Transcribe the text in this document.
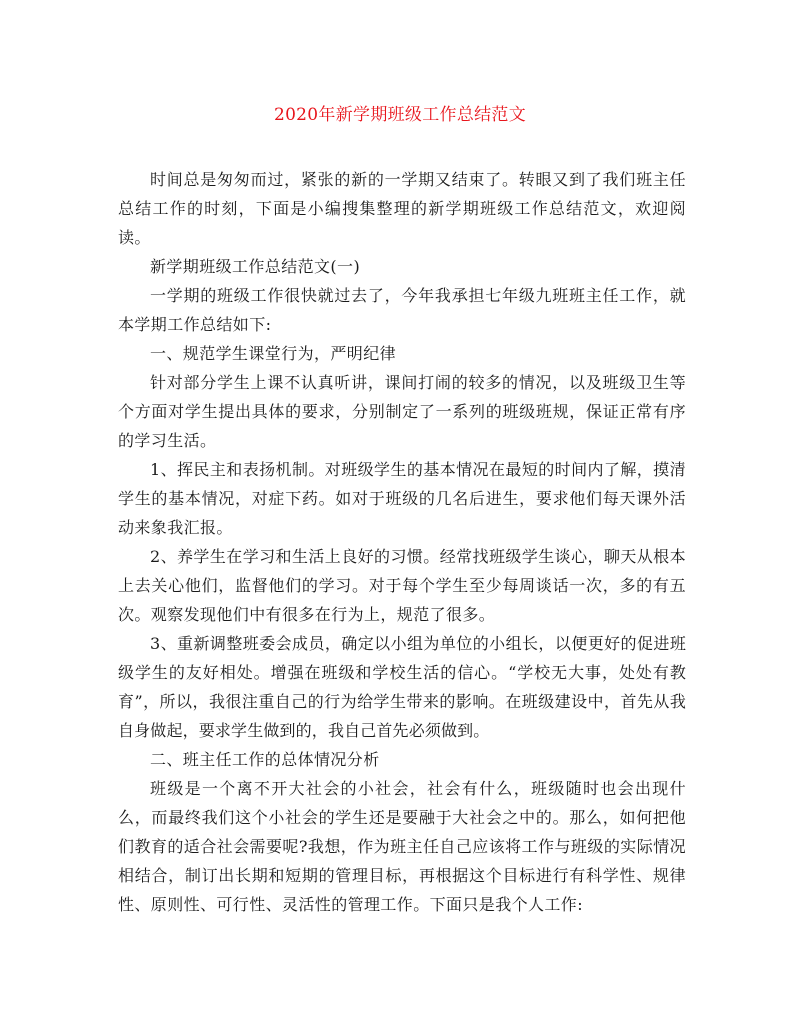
2020年新学期班级工作总结范文

时间总是匆匆而过，紧张的新的一学期又结束了。转眼又到了我们班主任总结工作的时刻，下面是小编搜集整理的新学期班级工作总结范文，欢迎阅读。

新学期班级工作总结范文(一)

一学期的班级工作很快就过去了，今年我承担七年级九班班主任工作，就本学期工作总结如下:

一、规范学生课堂行为，严明纪律

针对部分学生上课不认真听讲，课间打闹的较多的情况，以及班级卫生等个方面对学生提出具体的要求，分别制定了一系列的班级班规，保证正常有序的学习生活。

1、挥民主和表扬机制。对班级学生的基本情况在最短的时间内了解，摸清学生的基本情况，对症下药。如对于班级的几名后进生，要求他们每天课外活动来象我汇报。

2、养学生在学习和生活上良好的习惯。经常找班级学生谈心，聊天从根本上去关心他们，监督他们的学习。对于每个学生至少每周谈话一次，多的有五次。观察发现他们中有很多在行为上，规范了很多。

3、重新调整班委会成员，确定以小组为单位的小组长，以便更好的促进班级学生的友好相处。增强在班级和学校生活的信心。“学校无大事，处处有教育”，所以，我很注重自己的行为给学生带来的影响。在班级建设中，首先从我自身做起，要求学生做到的，我自己首先必须做到。

二、班主任工作的总体情况分析

班级是一个离不开大社会的小社会，社会有什么，班级随时也会出现什么，而最终我们这个小社会的学生还是要融于大社会之中的。那么，如何把他们教育的适合社会需要呢?我想，作为班主任自己应该将工作与班级的实际情况相结合，制订出长期和短期的管理目标，再根据这个目标进行有科学性、规律性、原则性、可行性、灵活性的管理工作。下面只是我个人工作:
